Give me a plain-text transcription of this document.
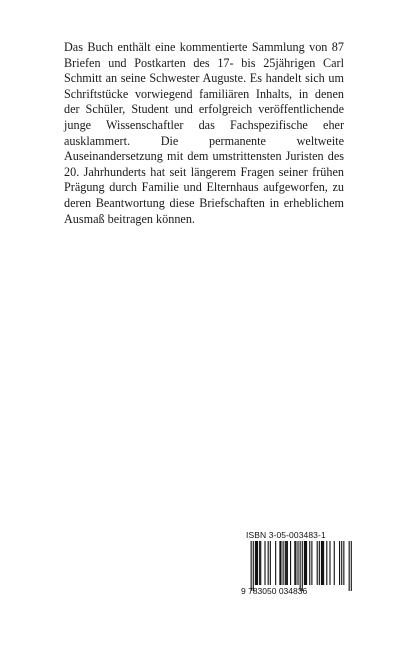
Das Buch enthält eine kommentierte Sammlung von 87 Briefen und Postkarten des 17- bis 25jährigen Carl Schmitt an seine Schwester Auguste. Es handelt sich um Schriftstücke vorwiegend familiären Inhalts, in denen der Schüler, Student und erfolgreich veröffentlichende junge Wissenschaftler das Fachspezifische eher ausklammert. Die permanente weltweite Auseinandersetzung mit dem umstrittensten Juristen des 20. Jahrhunderts hat seit längerem Fragen seiner frühen Prägung durch Familie und Elternhaus aufgeworfen, zu deren Beantwortung diese Briefschaften in erheblichem Ausmaß beitragen können.

ISBN 3-05-003483-1
9 783050 034836
